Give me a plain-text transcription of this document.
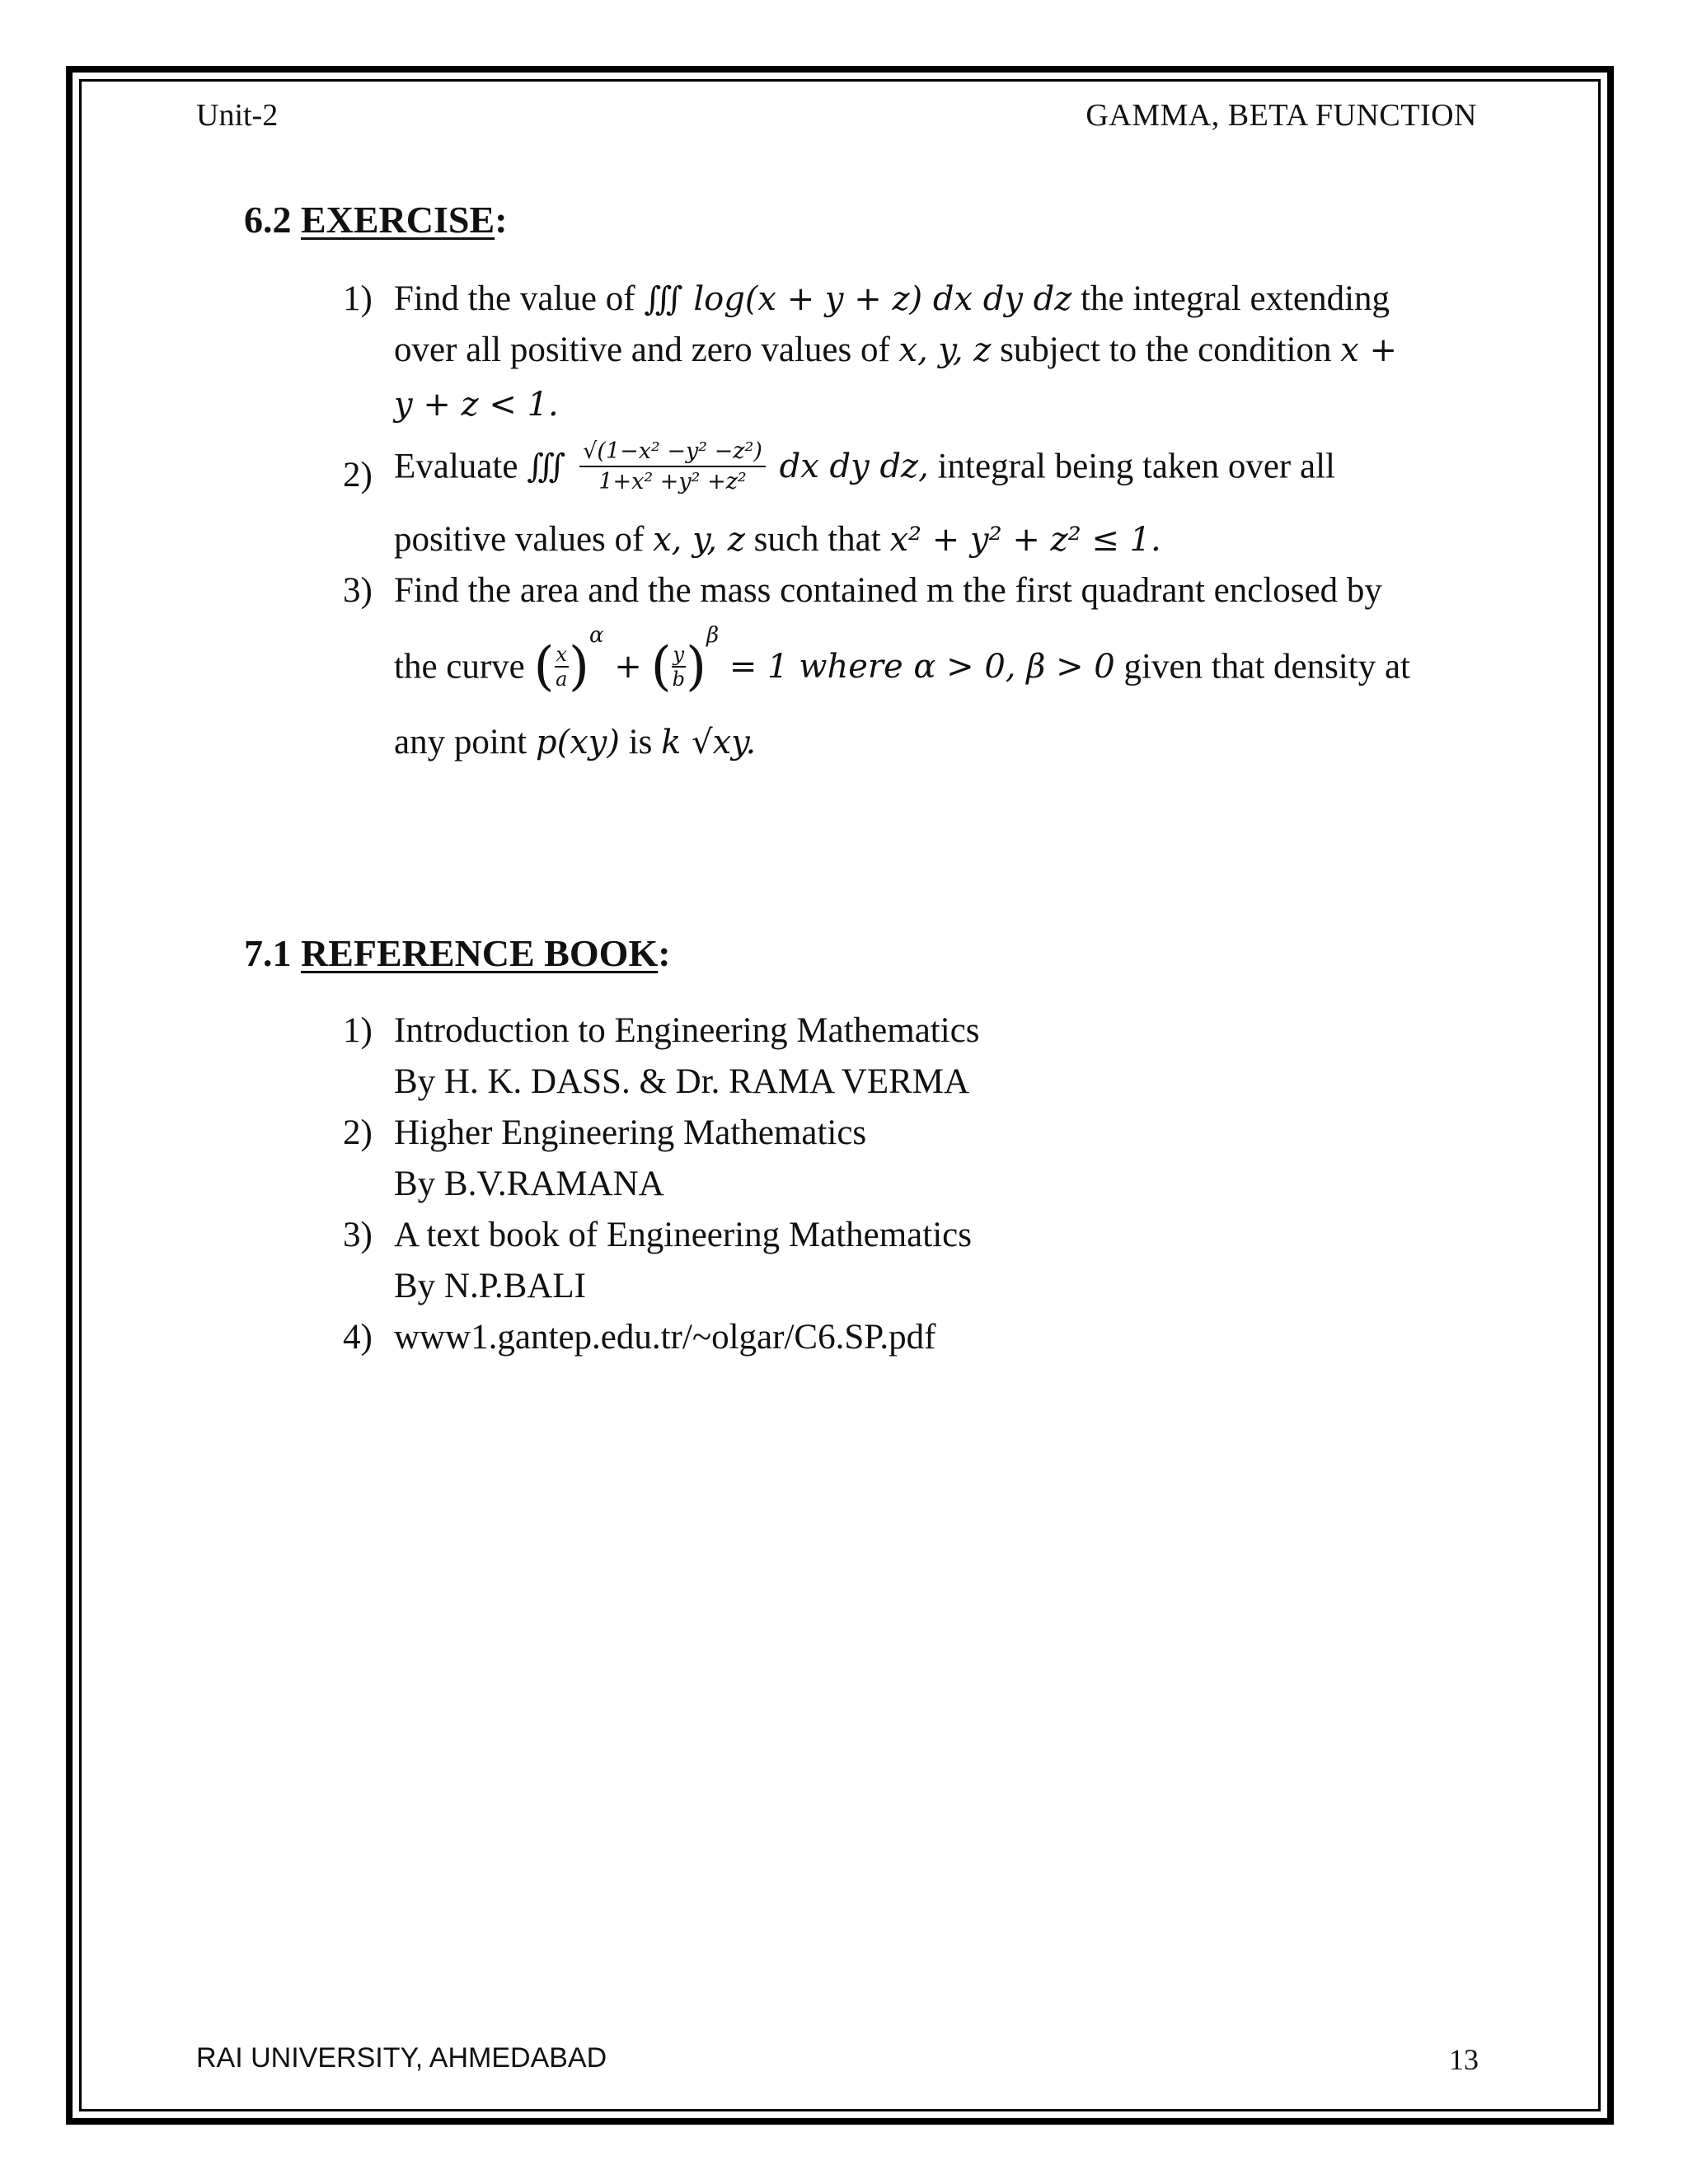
Unit-2	GAMMA, BETA FUNCTION
6.2 EXERCISE:
1) Find the value of ∭ log(x + y + z) dx dy dz the integral extending
over all positive and zero values of x, y, z subject to the condition x +
y + z < 1.
2) Evaluate ∭ $\frac{\text{√(1−x² −y² −z²)}}{\text{1+x² +y² +z²}}$ dx dy dz, integral being taken over all
positive values of x, y, z such that x² + y² + z² ≤ 1.
3) Find the area and the mass contained m the first quadrant enclosed by
the curve ( $\frac{x}{a} )^\alpha$ + ( $\frac{y}{b} )^\beta = 1$ where α > 0, β > 0 given that density at
any point p(xy) is k √xy.
7.1 REFERENCE BOOK:
1) Introduction to Engineering Mathematics
By H. K. DASS. & Dr. RAMA VERMA
2) Higher Engineering Mathematics
By B.V.RAMANA
3) A text book of Engineering Mathematics
By N.P.BALI
4) www1.gantep.edu.tr/~olgar/C6.SP.pdf
RAI UNIVERSITY, AHMEDABAD	13
